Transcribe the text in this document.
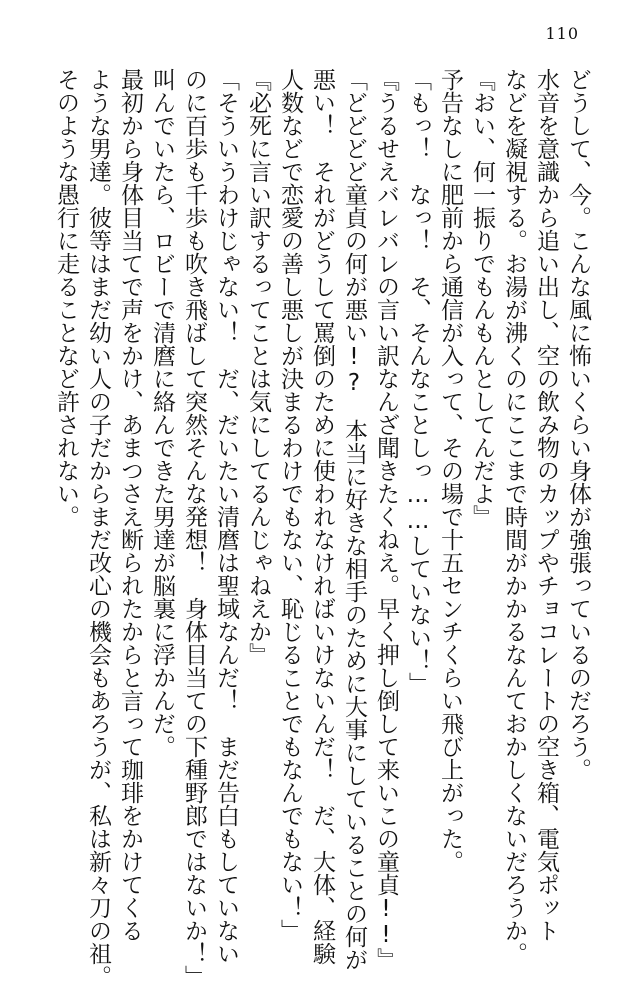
110
どうして、今。こんな風に怖いくらい身体が強張っているのだろう。
水音を意識から追い出し、空の飲み物のカップやチョコレートの空き箱、電気ポット
などを凝視する。お湯が沸くのにここまで時間がかかるなんておかしくないだろうか。
『おい、何一振りでもんもんとしてんだよ』
予告なしに肥前から通信が入って、その場で十五センチくらい飛び上がった。
「もっ！　なっ！　そ、そんなことしっ……していない！」
『うるせえバレバレの言い訳なんざ聞きたくねえ。早く押し倒して来いこの童貞!!』
「どどどど童貞の何が悪い!?　本当に好きな相手のために大事にしていることの何が
悪い！　それがどうして罵倒のために使われなければいけないんだ！　だ、大体、経験
人数などで恋愛の善し悪しが決まるわけでもない、恥じることでもなんでもない！」
『必死に言い訳するってことは気にしてるんじゃねえか』
「そういうわけじゃない！　だ、だいたい清麿は聖域なんだ！　まだ告白もしていない
のに百歩も千歩も吹き飛ばして突然そんな発想！　身体目当ての下種野郎ではないか！」
叫んでいたら、ロビーで清麿に絡んできた男達が脳裏に浮かんだ。
最初から身体目当てで声をかけ、あまつさえ断られたからと言って珈琲をかけてくる
ような男達。彼等はまだ幼い人の子だからまだ改心の機会もあろうが、私は新々刀の祖。
そのような愚行に走ることなど許されない。
